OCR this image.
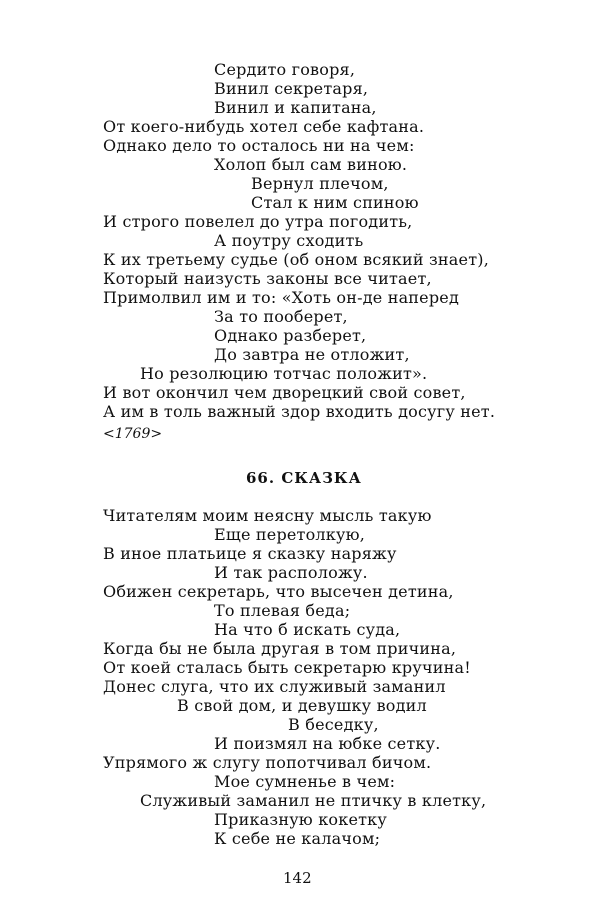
Сердито говоря,
Винил секретаря,
Винил и капитана,
От коего-нибудь хотел себе кафтана.
Однако дело то осталось ни на чем:
Холоп был сам виною.
Вернул плечом,
Стал к ним спиною
И строго повелел до утра погодить,
А поутру сходить
К их третьему судье (об оном всякий знает),
Который наизусть законы все читает,
Примолвил им и то: «Хоть он-де наперед
За то пооберет,
Однако разберет,
До завтра не отложит,
Но резолюцию тотчас положит».
И вот окончил чем дворецкий свой совет,
А им в толь важный здор входить досугу нет.
<1769>
66. СКАЗКА
Читателям моим неясну мысль такую
Еще перетолкую,
В иное платьице я сказку наряжу
И так расположу.
Обижен секретарь, что высечен детина,
То плевая беда;
На что б искать суда,
Когда бы не была другая в том причина,
От коей сталась быть секретарю кручина!
Донес слуга, что их служивый заманил
В свой дом, и девушку водил
В беседку,
И поизмял на юбке сетку.
Упрямого ж слугу попотчивал бичом.
Мое сумненье в чем:
Служивый заманил не птичку в клетку,
Приказную кокетку
К себе не калачом;
142
